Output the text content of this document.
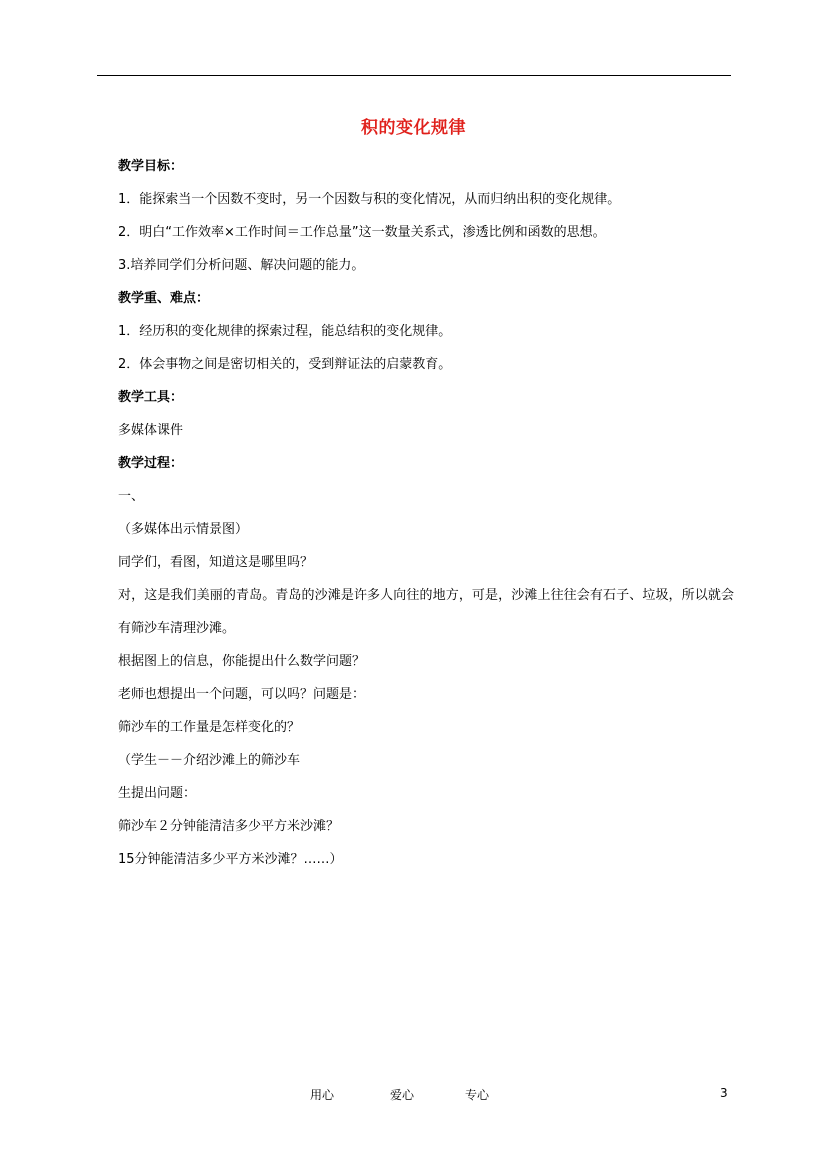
积的变化规律
教学目标：
1．能探索当一个因数不变时，另一个因数与积的变化情况，从而归纳出积的变化规律。
2．明白“工作效率×工作时间＝工作总量”这一数量关系式，渗透比例和函数的思想。
3.培养同学们分析问题、解决问题的能力。
教学重、难点：
1．经历积的变化规律的探索过程，能总结积的变化规律。
2．体会事物之间是密切相关的，受到辩证法的启蒙教育。
教学工具：
多媒体课件
教学过程：
一、
（多媒体出示情景图）
同学们，看图，知道这是哪里吗？
对，这是我们美丽的青岛。青岛的沙滩是许多人向往的地方，可是，沙滩上往往会有石子、垃圾，所以就会有筛沙车清理沙滩。
根据图上的信息，你能提出什么数学问题？
老师也想提出一个问题，可以吗？问题是：
筛沙车的工作量是怎样变化的？
（学生－－介绍沙滩上的筛沙车
生提出问题：
筛沙车２分钟能清洁多少平方米沙滩？
15分钟能清洁多少平方米沙滩？……）
用心	爱心	专心	3
